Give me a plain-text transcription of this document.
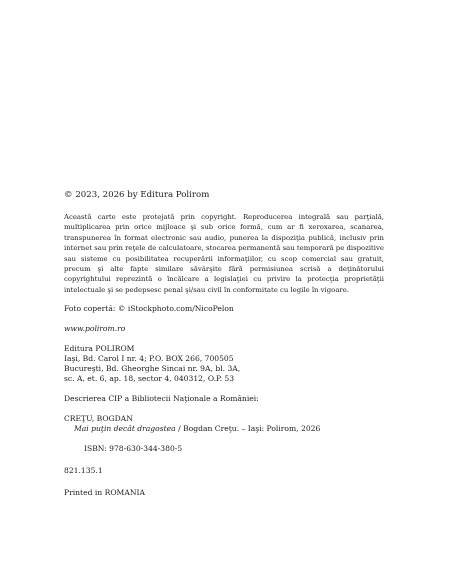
© 2023, 2026 by Editura Polirom

Această carte este protejată prin copyright. Reproducerea integrală sau parţială, multiplicarea prin orice mijloace şi sub orice formă, cum ar fi xeroxarea, scanarea, transpunerea în format electronic sau audio, punerea la dispoziţia publică, inclusiv prin internet sau prin reţele de calculatoare, stocarea permanentă sau temporară pe dispozitive sau sisteme cu posibilitatea recuperării informaţiilor, cu scop comercial sau gratuit, precum şi alte fapte similare săvârşite fără permisiunea scrisă a deţinătorului copyrightului reprezintă o încălcare a legislaţiei cu privire la protecţia proprietăţii intelectuale şi se pedepsesc penal şi/sau civil în conformitate cu legile în vigoare.

Foto copertă: © iStockphoto.com/NicoPelon

www.polirom.ro

Editura POLIROM

Iaşi, Bd. Carol I nr. 4; P.O. BOX 266, 700505

Bucureşti, Bd. Gheorghe Sincai nr. 9A, bl. 3A,

sc. A, et. 6, ap. 18, sector 4, 040312, O.P. 53

Descrierea CIP a Bibliotecii Naţionale a României:

CREŢU, BOGDAN

Mai puţin decât dragostea / Bogdan Creţu. – Iaşi: Polirom, 2026

ISBN: 978-630-344-380-5

821.135.1

Printed in ROMANIA
